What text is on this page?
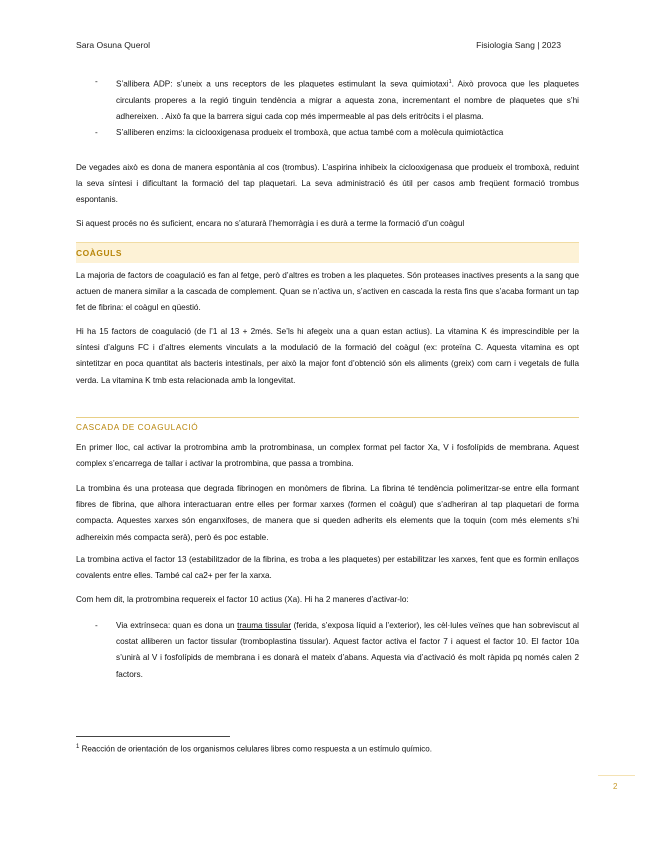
Sara Osuna Querol	Fisiologia Sang | 2023
- S’allibera ADP: s’uneix a uns receptors de les plaquetes estimulant la seva quimiotaxi$^1$. Això provoca que les plaquetes circulants properes a la regió tinguin tendència a migrar a aquesta zona, incrementant el nombre de plaquetes que s’hi adhereixen. . Això fa que la barrera sigui cada cop més impermeable al pas dels eritròcits i el plasma.
- S’alliberen enzims: la ciclooxigenasa produeix el tromboxà, que actua també com a molècula quimiotàctica

De vegades això es dona de manera espontània al cos (trombus). L’aspirina inhibeix la ciclooxigenasa que produeix el tromboxà, reduint la seva síntesi i dificultant la formació del tap plaquetari. La seva administració és útil per casos amb freqüent formació trombus espontanis.

Si aquest procés no és suficient, encara no s’aturarà l’hemorràgia i es durà a terme la formació d’un coàgul

COÀGULS

La majoria de factors de coagulació es fan al fetge, però d’altres es troben a les plaquetes. Són proteases inactives presents a la sang que actuen de manera similar a la cascada de complement. Quan se n’activa un, s’activen en cascada la resta fins que s’acaba formant un tap fet de fibrina: el coàgul en qüestió.

Hi ha 15 factors de coagulació (de l’1 al 13 + 2més. Se’ls hi afegeix una a quan estan actius). La vitamina K és imprescindible per la síntesi d’alguns FC i d’altres elements vinculats a la modulació de la formació del coàgul (ex: proteïna C. Aquesta vitamina es opt sintetitzar en poca quantitat als bacteris intestinals, per això la major font d’obtenció són els aliments (greix) com carn i vegetals de fulla verda. La vitamina K tmb esta relacionada amb la longevitat.

CASCADA DE COAGULACIÓ

En primer lloc, cal activar la protrombina amb la protrombinasa, un complex format pel factor Xa, V i fosfolípids de membrana. Aquest complex s’encarrega de tallar i activar la protrombina, que passa a trombina.

La trombina és una proteasa que degrada fibrinogen en monòmers de fibrina. La fibrina té tendència polimeritzar-se entre ella formant fibres de fibrina, que alhora interactuaran entre elles per formar xarxes (formen el coàgul) que s’adheriran al tap plaquetari de forma compacta. Aquestes xarxes són enganxifoses, de manera que si queden adherits els elements que la toquin (com més elements s’hi adhereixin més compacta serà), però és poc estable.

La trombina activa el factor 13 (estabilitzador de la fibrina, es troba a les plaquetes) per estabilitzar les xarxes, fent que es formin enllaços covalents entre elles. També cal ca2+ per fer la xarxa.

Com hem dit, la protrombina requereix el factor 10 actius (Xa). Hi ha 2 maneres d’activar-lo:

- Via extrínseca: quan es dona un trauma tissular (ferida, s’exposa líquid a l’exterior), les cèl·lules veïnes que han sobreviscut al costat alliberen un factor tissular (tromboplastina tissular). Aquest factor activa el factor 7 i aquest el factor 10. El factor 10a s’unirà al V i fosfolípids de membrana i es donarà el mateix d’abans. Aquesta via d’activació és molt ràpida pq només calen 2 factors.
$^1$ Reacción de orientación de los organismos celulares libres como respuesta a un estímulo químico.
2
